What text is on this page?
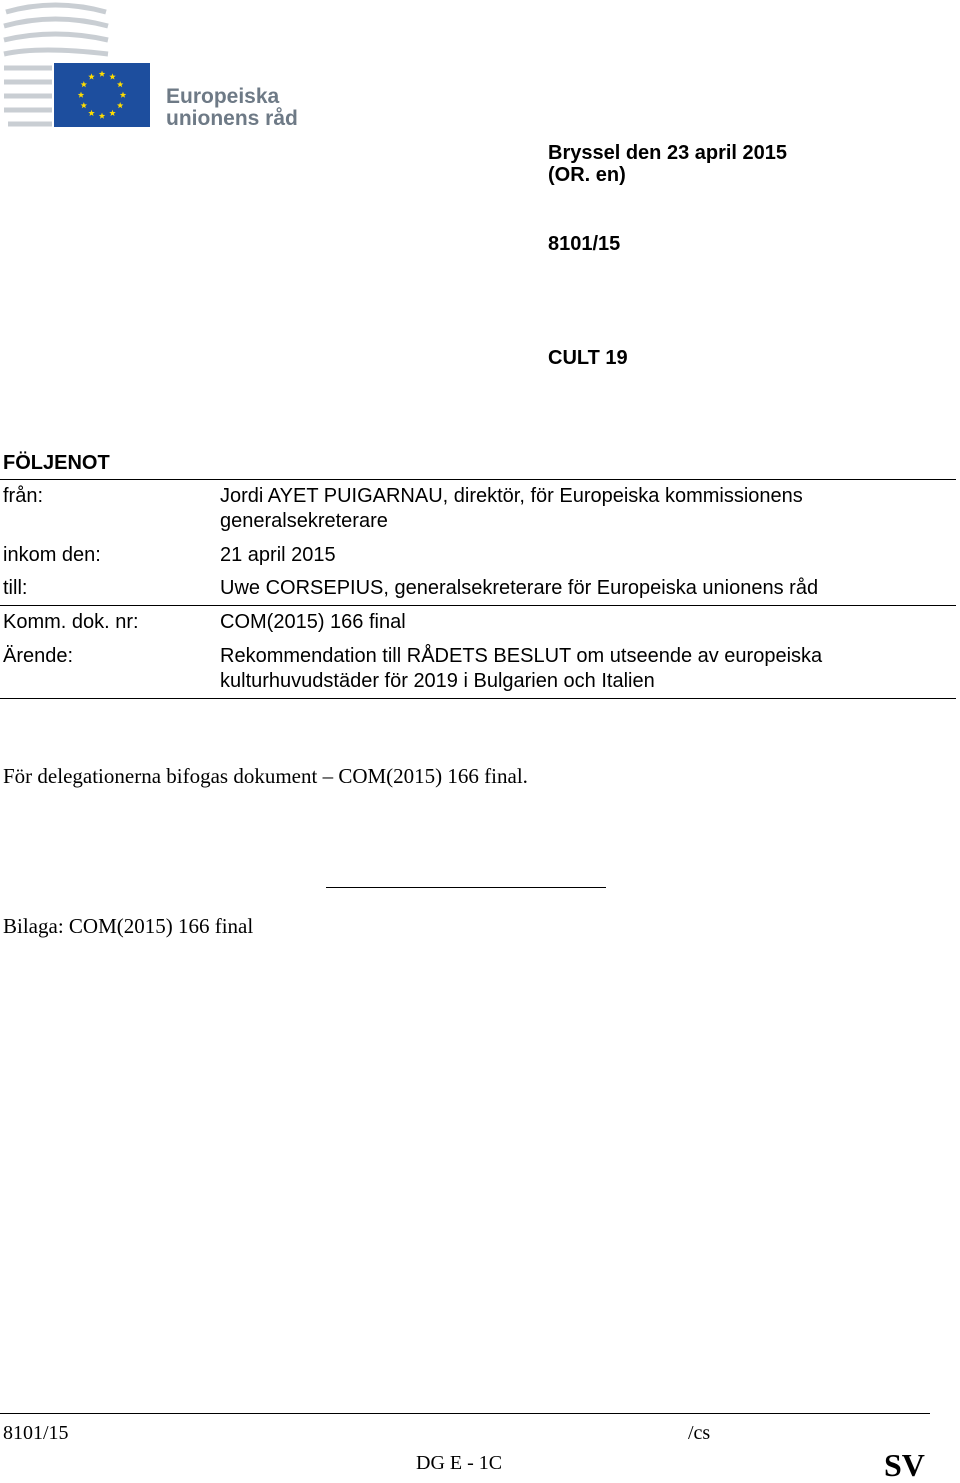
Europeiska
unionens råd
Bryssel den 23 april 2015
(OR. en)
8101/15
CULT 19
FÖLJENOT
från:	Jordi AYET PUIGARNAU, direktör, för Europeiska kommissionens
generalsekreterare
inkom den:	21 april 2015
till:	Uwe CORSEPIUS, generalsekreterare för Europeiska unionens råd
Komm. dok. nr:	COM(2015) 166 final
Ärende:	Rekommendation till RÅDETS BESLUT om utseende av europeiska
kulturhuvudstäder för 2019 i Bulgarien och Italien
För delegationerna bifogas dokument – COM(2015) 166 final.
Bilaga: COM(2015) 166 final
8101/15	/cs
DG E - 1C	SV
